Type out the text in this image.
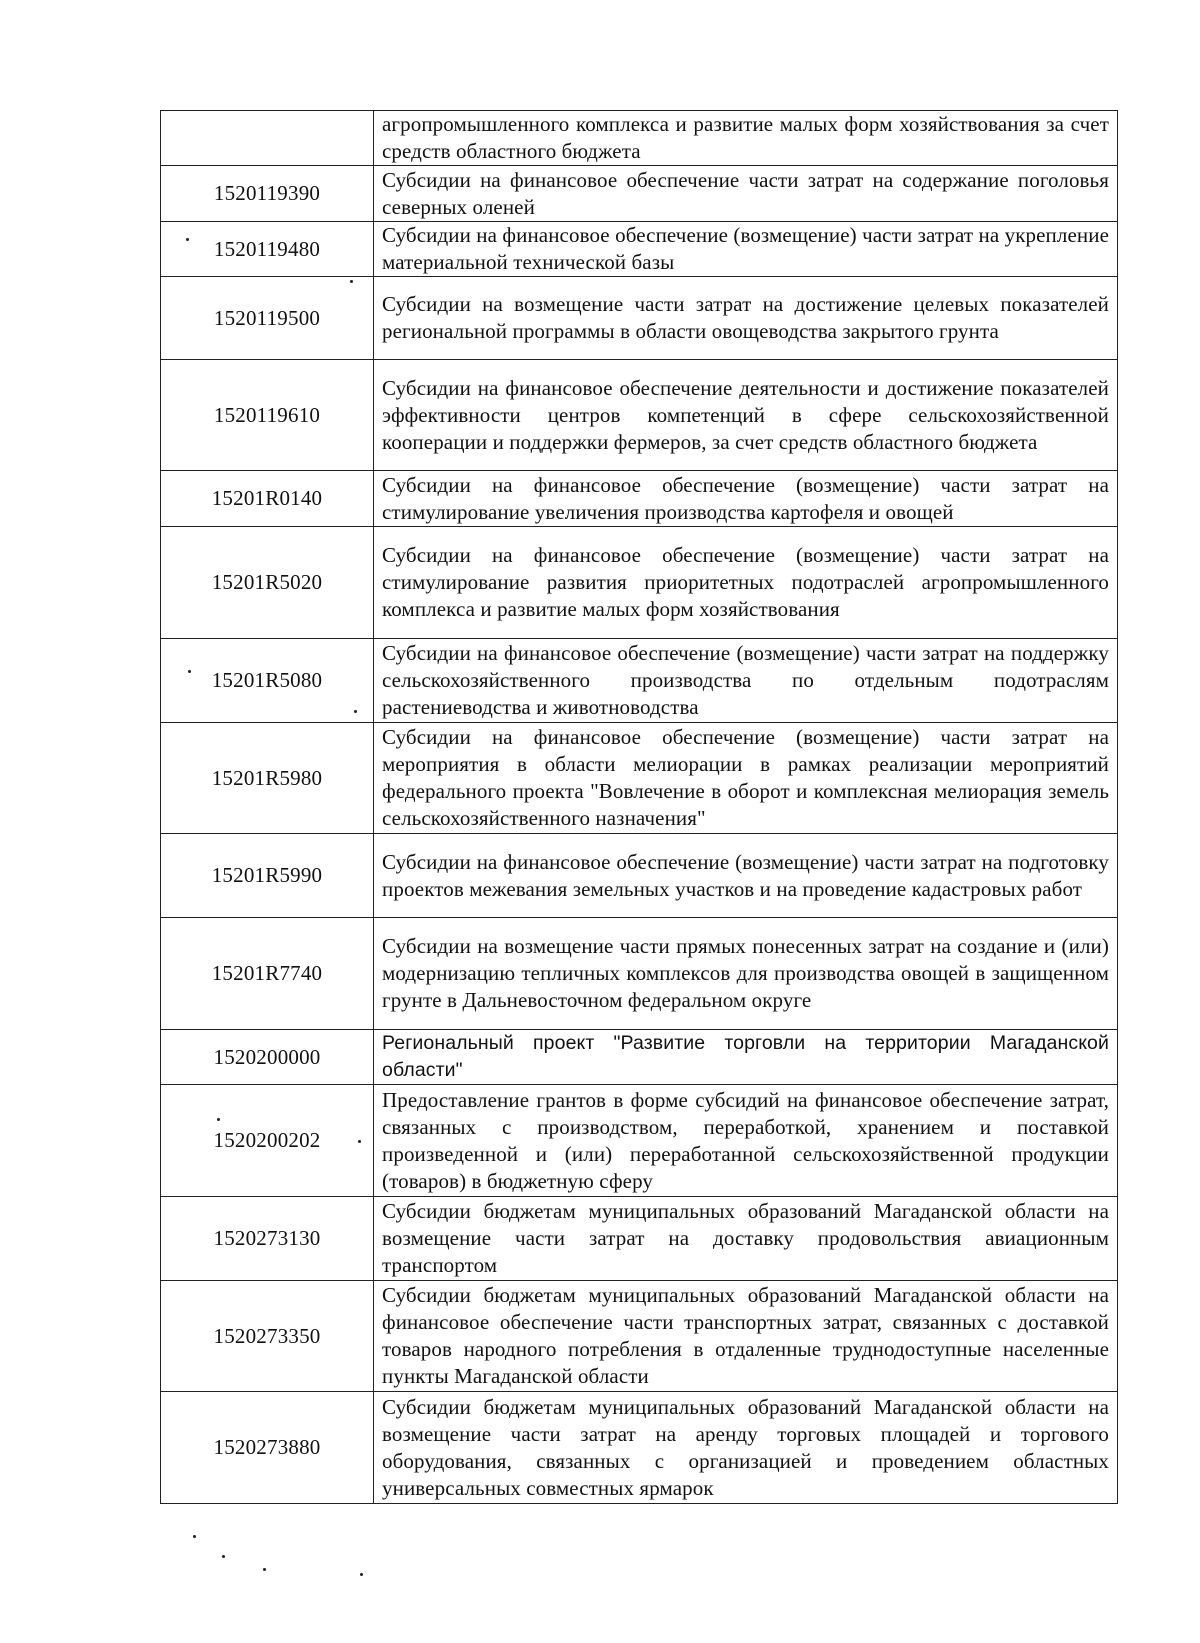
	агропромышленного комплекса и развитие малых форм хозяйствования за счет средств областного бюджета
1520119390	Субсидии на финансовое обеспечение части затрат на содержание поголовья северных оленей
1520119480	Субсидии на финансовое обеспечение (возмещение) части затрат на укрепление материальной технической базы
1520119500	Субсидии на возмещение части затрат на достижение целевых показателей региональной программы в области овощеводства закрытого грунта
1520119610	Субсидии на финансовое обеспечение деятельности и достижение показателей эффективности центров компетенций в сфере сельскохозяйственной кооперации и поддержки фермеров, за счет средств областного бюджета
15201R0140	Субсидии на финансовое обеспечение (возмещение) части затрат на стимулирование увеличения производства картофеля и овощей
15201R5020	Субсидии на финансовое обеспечение (возмещение) части затрат на стимулирование развития приоритетных подотраслей агропромышленного комплекса и развитие малых форм хозяйствования
15201R5080	Субсидии на финансовое обеспечение (возмещение) части затрат на поддержку сельскохозяйственного производства по отдельным подотраслям растениеводства и животноводства
15201R5980	Субсидии на финансовое обеспечение (возмещение) части затрат на мероприятия в области мелиорации в рамках реализации мероприятий федерального проекта "Вовлечение в оборот и комплексная мелиорация земель сельскохозяйственного назначения"
15201R5990	Субсидии на финансовое обеспечение (возмещение) части затрат на подготовку проектов межевания земельных участков и на проведение кадастровых работ
15201R7740	Субсидии на возмещение части прямых понесенных затрат на создание и (или) модернизацию тепличных комплексов для производства овощей в защищенном грунте в Дальневосточном федеральном округе
1520200000	Региональный проект "Развитие торговли на территории Магаданской области"
1520200202	Предоставление грантов в форме субсидий на финансовое обеспечение затрат, связанных с производством, переработкой, хранением и поставкой произведенной и (или) переработанной сельскохозяйственной продукции (товаров) в бюджетную сферу
1520273130	Субсидии бюджетам муниципальных образований Магаданской области на возмещение части затрат на доставку продовольствия авиационным транспортом
1520273350	Субсидии бюджетам муниципальных образований Магаданской области на финансовое обеспечение части транспортных затрат, связанных с доставкой товаров народного потребления в отдаленные труднодоступные населенные пункты Магаданской области
1520273880	Субсидии бюджетам муниципальных образований Магаданской области на возмещение части затрат на аренду торговых площадей и торгового оборудования, связанных с организацией и проведением областных универсальных совместных ярмарок
